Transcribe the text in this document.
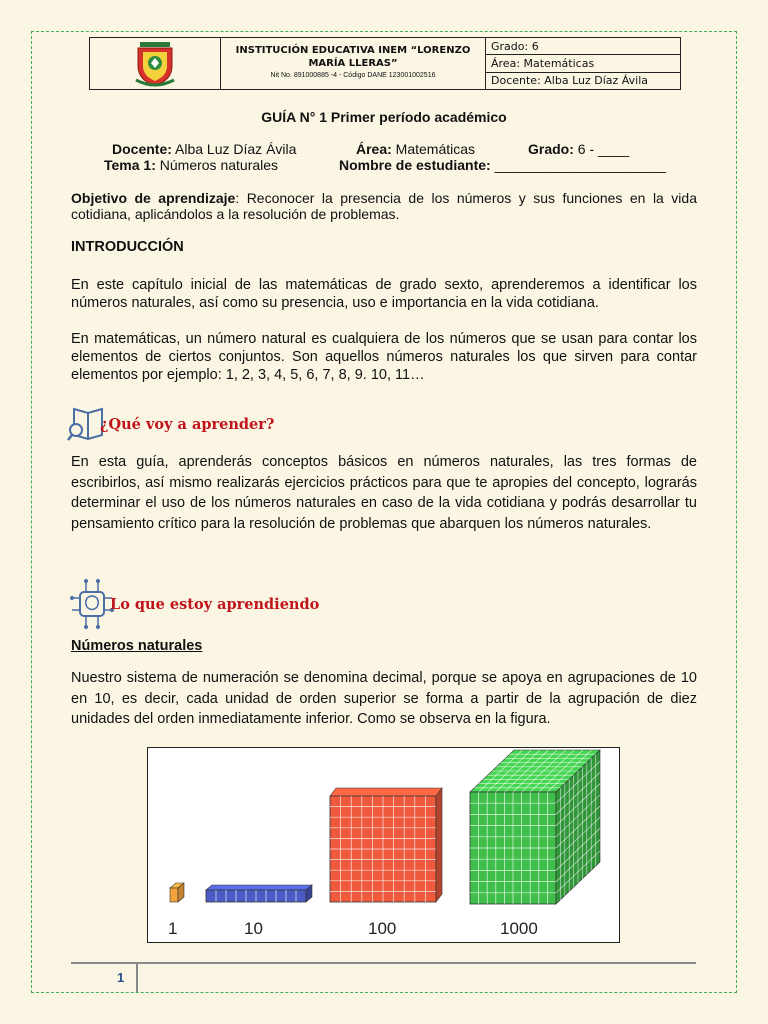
INSTITUCIÓN EDUCATIVA INEM “LORENZO
MARÍA LLERAS”
Nit No. 891000885 -4 - Código DANE 123001002516
Grado: 6
Área: Matemáticas
Docente: Alba Luz Díaz Ávila
GUÍA N° 1 Primer período académico
Docente: Alba Luz Díaz Ávila	Área: Matemáticas	Grado: 6 - ____
Tema 1: Números naturales	Nombre de estudiante: ______________________

Objetivo de aprendizaje: Reconocer la presencia de los números y sus funciones en la vida cotidiana, aplicándolos a la resolución de problemas.

INTRODUCCIÓN

En este capítulo inicial de las matemáticas de grado sexto, aprenderemos a identificar los números naturales, así como su presencia, uso e importancia en la vida cotidiana.

En matemáticas, un número natural es cualquiera de los números que se usan para contar los elementos de ciertos conjuntos. Son aquellos números naturales los que sirven para contar elementos por ejemplo: 1, 2, 3, 4, 5, 6, 7, 8, 9. 10, 11…

¿Qué voy a aprender?

En esta guía, aprenderás conceptos básicos en números naturales, las tres formas de escribirlos, así mismo realizarás ejercicios prácticos para que te apropies del concepto, lograrás determinar el uso de los números naturales en caso de la vida cotidiana y podrás desarrollar tu pensamiento crítico para la resolución de problemas que abarquen los números naturales.

Lo que estoy aprendiendo
Números naturales

Nuestro sistema de numeración se denomina decimal, porque se apoya en agrupaciones de 10 en 10, es decir, cada unidad de orden superior se forma a partir de la agrupación de diez unidades del orden inmediatamente inferior. Como se observa en la figura.

1	10	100	1000
1
